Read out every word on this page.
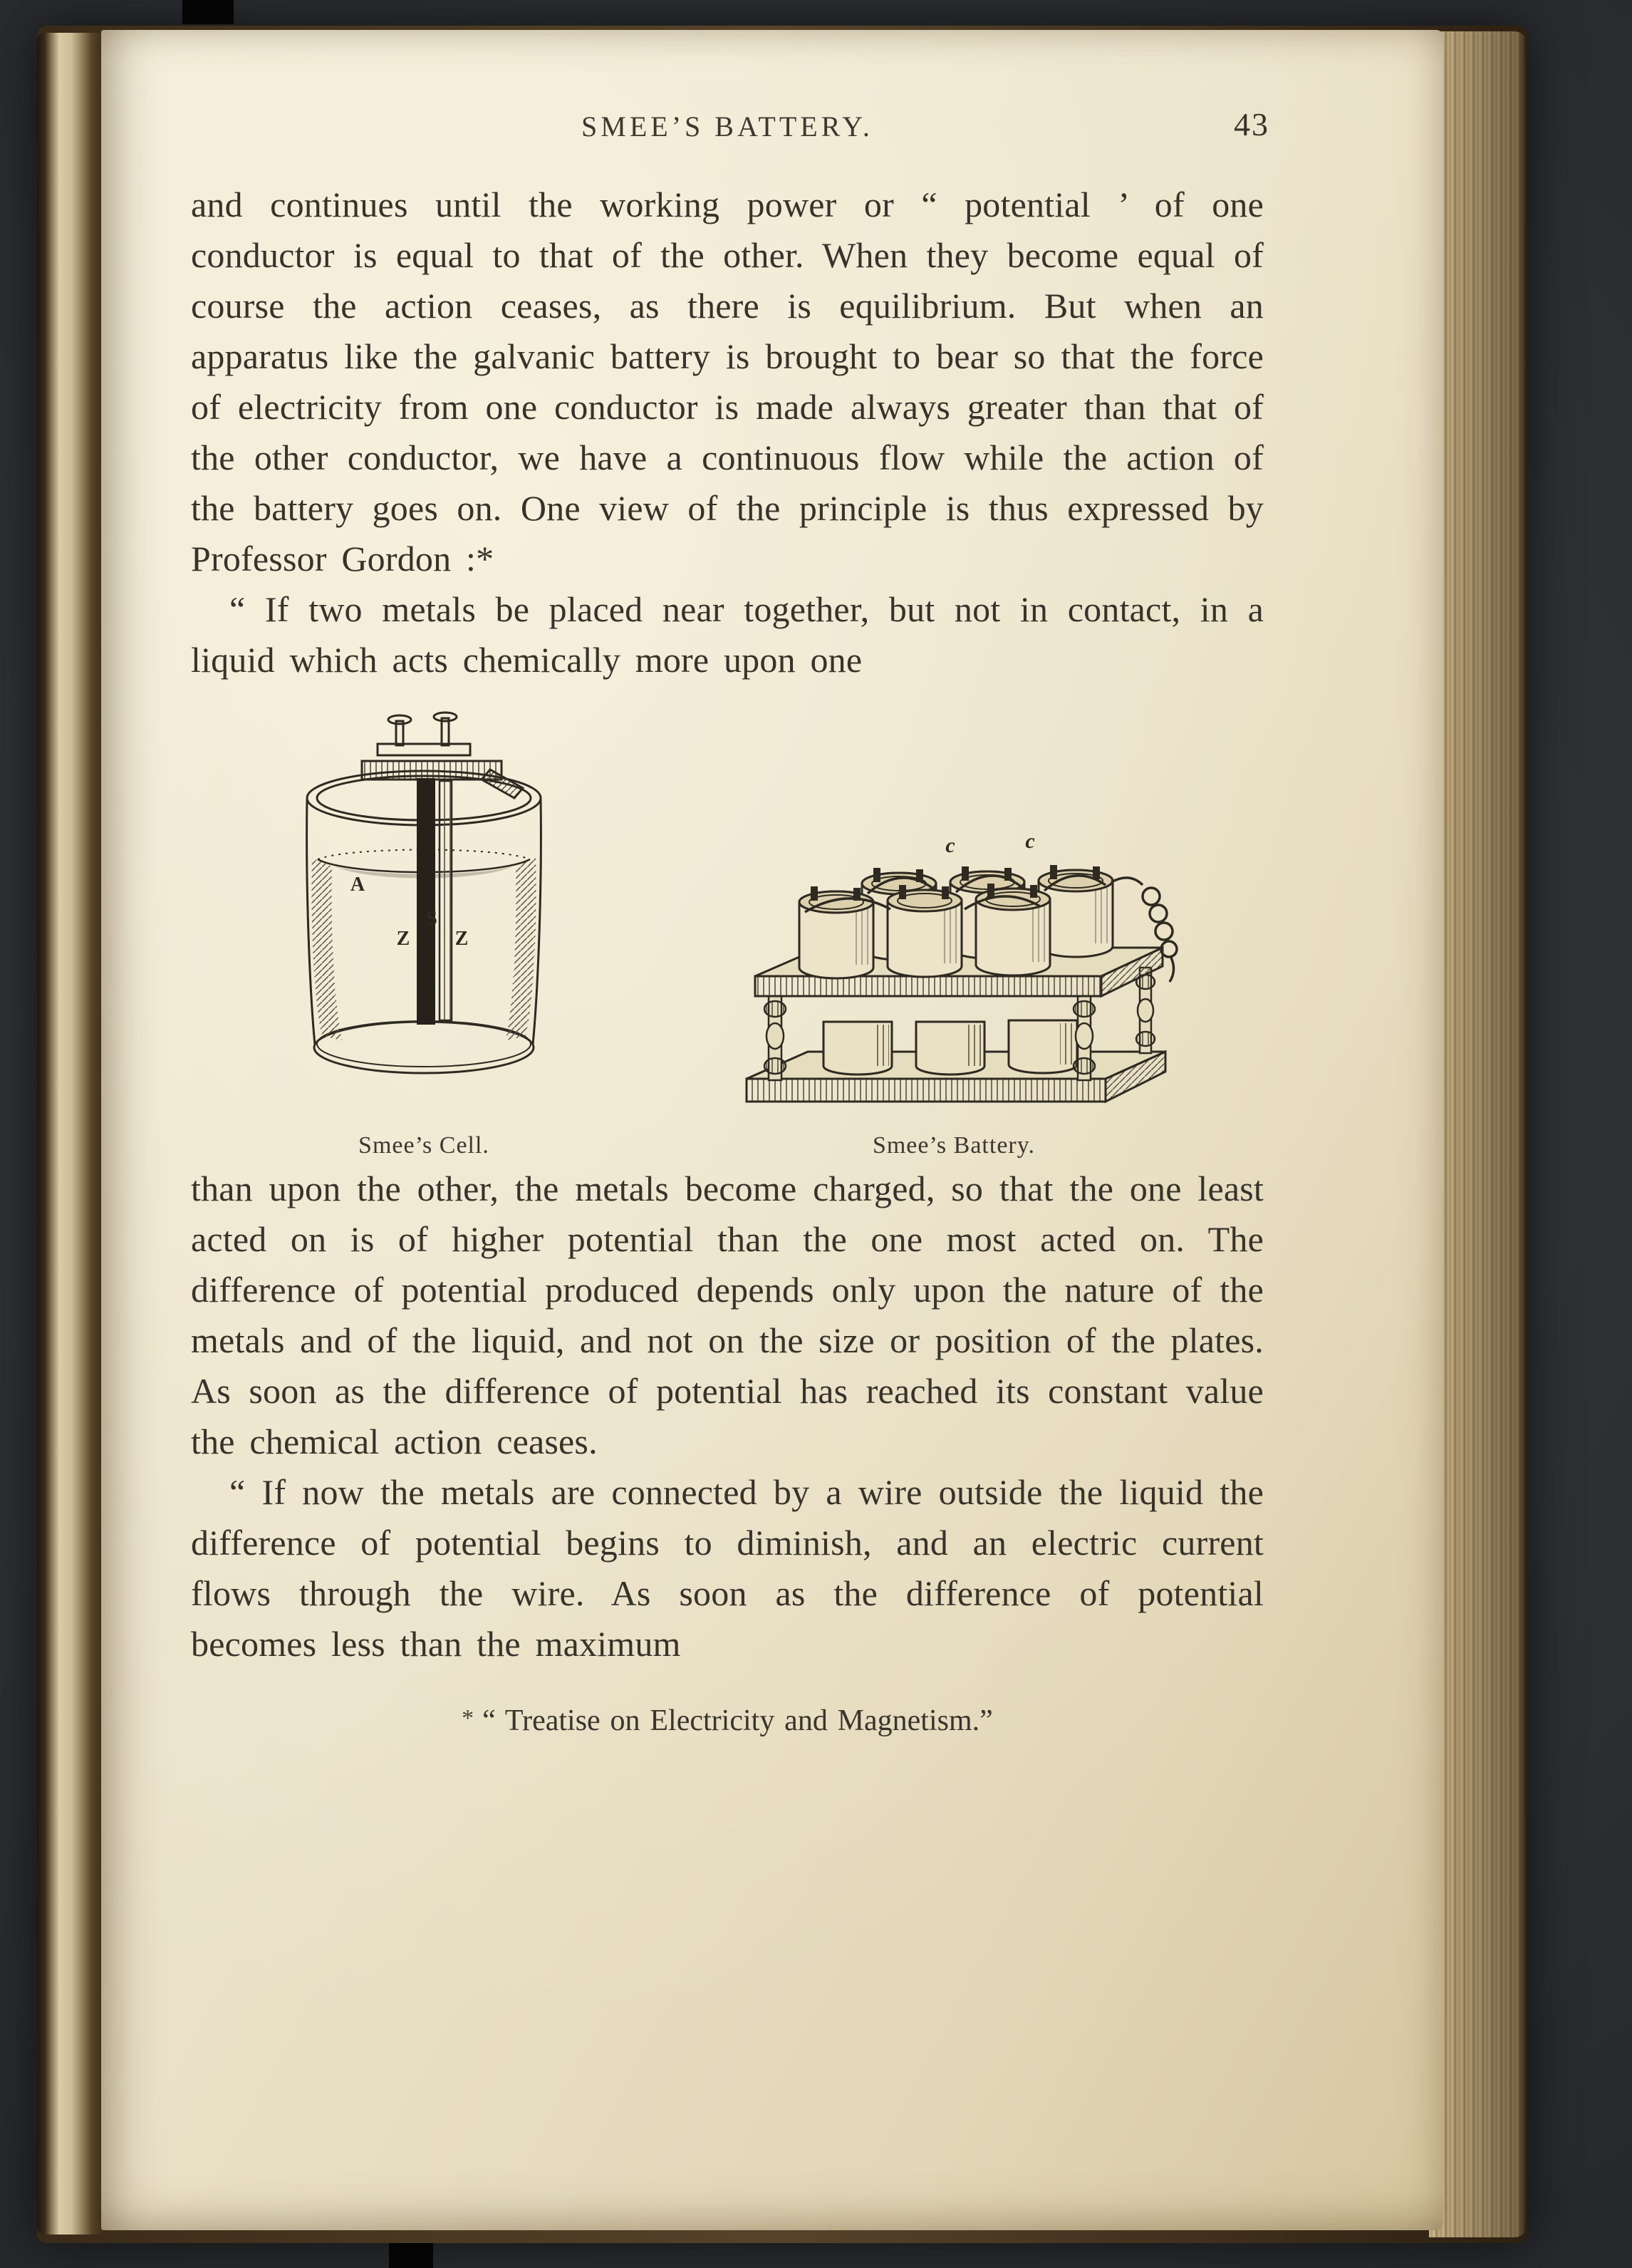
SMEE’S BATTERY.	43

and continues until the working power or “ potential ’ of one conductor is equal to that of the other. When they become equal of course the action ceases, as there is equilibrium. But when an apparatus like the galvanic battery is brought to bear so that the force of electricity from one conductor is made always greater than that of the other conductor, we have a continuous flow while the action of the battery goes on. One view of the principle is thus expressed by Professor Gordon :*

“ If two metals be placed near together, but not in contact, in a liquid which acts chemically more upon one

A
Z
S
Z
Smee’s Cell.
c	c
Smee’s Battery.

than upon the other, the metals become charged, so that the one least acted on is of higher potential than the one most acted on. The difference of potential produced depends only upon the nature of the metals and of the liquid, and not on the size or position of the plates. As soon as the difference of potential has reached its constant value the chemical action ceases.

“ If now the metals are connected by a wire outside the liquid the difference of potential begins to diminish, and an electric current flows through the wire. As soon as the difference of potential becomes less than the maximum

* “ Treatise on Electricity and Magnetism.”
